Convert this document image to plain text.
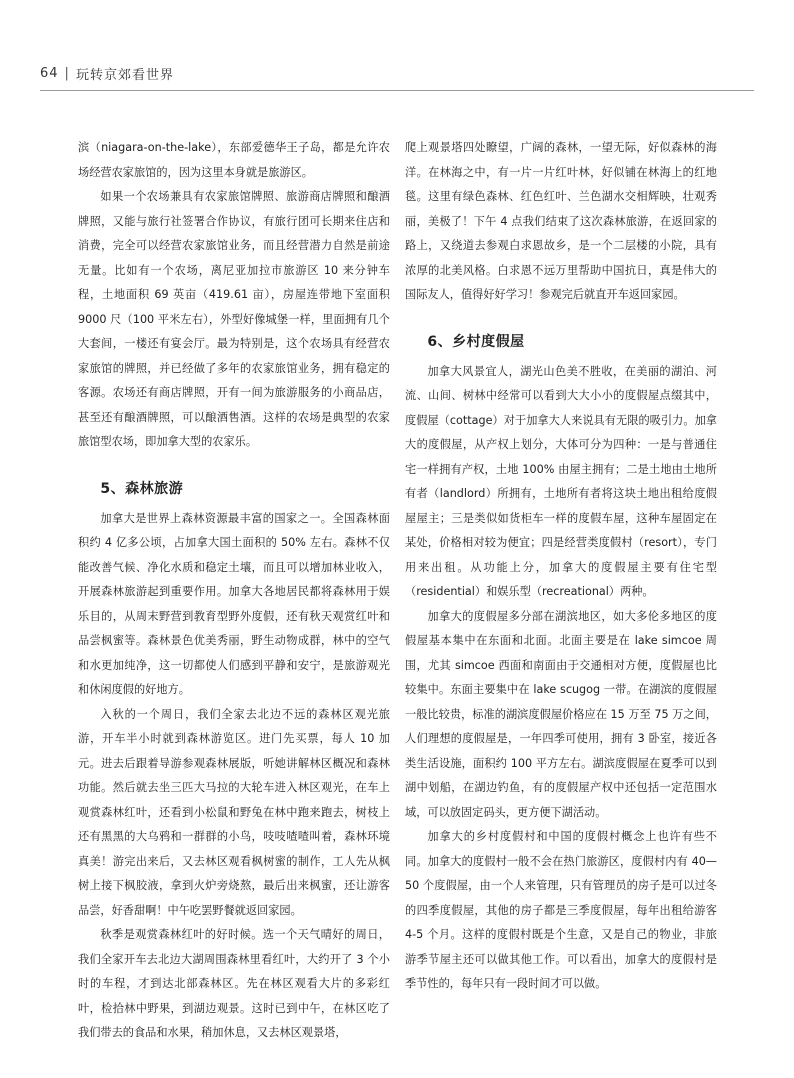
64 | 玩转京郊看世界

滨（niagara-on-the-lake），东部爱德华王子岛，都是允许农场经营农家旅馆的，因为这里本身就是旅游区。

如果一个农场兼具有农家旅馆牌照、旅游商店牌照和酿酒牌照，又能与旅行社签署合作协议，有旅行团可长期来住店和消费，完全可以经营农家旅馆业务，而且经营潜力自然是前途无量。比如有一个农场，离尼亚加拉市旅游区 10 来分钟车程，土地面积 69 英亩（419.61 亩），房屋连带地下室面积 9000 尺（100 平米左右），外型好像城堡一样，里面拥有几个大套间，一楼还有宴会厅。最为特别是，这个农场具有经营农家旅馆的牌照，并已经做了多年的农家旅馆业务，拥有稳定的客源。农场还有商店牌照，开有一间为旅游服务的小商品店，甚至还有酿酒牌照，可以酿酒售酒。这样的农场是典型的农家旅馆型农场，即加拿大型的农家乐。

5、森林旅游

加拿大是世界上森林资源最丰富的国家之一。全国森林面积约 4 亿多公顷，占加拿大国土面积的 50% 左右。森林不仅能改善气候、净化水质和稳定土壤，而且可以增加林业收入，开展森林旅游起到重要作用。加拿大各地居民都将森林用于娱乐目的，从周末野营到教育型野外度假，还有秋天观赏红叶和品尝枫蜜等。森林景色优美秀丽，野生动物成群，林中的空气和水更加纯净，这一切都使人们感到平静和安宁，是旅游观光和休闲度假的好地方。

入秋的一个周日，我们全家去北边不远的森林区观光旅游，开车半小时就到森林游览区。进门先买票，每人 10 加元。进去后跟着导游参观森林展版，听她讲解林区概况和森林功能。然后就去坐三匹大马拉的大轮车进入林区观光，在车上观赏森林红叶，还看到小松鼠和野兔在林中跑来跑去，树枝上还有黑黑的大乌鸦和一群群的小鸟，吱吱喳喳叫着，森林环境真美！游完出来后，又去林区观看枫树蜜的制作，工人先从枫树上接下枫胶液，拿到火炉旁烧熬，最后出来枫蜜，还让游客品尝，好香甜啊！中午吃罢野餐就返回家园。

秋季是观赏森林红叶的好时候。选一个天气晴好的周日，我们全家开车去北边大湖周围森林里看红叶，大约开了 3 个小时的车程，才到达北部森林区。先在林区观看大片的多彩红叶，检拾林中野果，到湖边观景。这时已到中午，在林区吃了我们带去的食品和水果，稍加休息，又去林区观景塔，

爬上观景塔四处瞭望，广阔的森林，一望无际，好似森林的海洋。在林海之中，有一片一片红叶林，好似铺在林海上的红地毯。这里有绿色森林、红色红叶、兰色湖水交相辉映，壮观秀丽，美极了！下午 4 点我们结束了这次森林旅游，在返回家的路上，又绕道去参观白求恩故乡，是一个二层楼的小院，具有浓厚的北美风格。白求恩不远万里帮助中国抗日，真是伟大的国际友人，值得好好学习！参观完后就直开车返回家园。

6、乡村度假屋

加拿大风景宜人，湖光山色美不胜收，在美丽的湖泊、河流、山间、树林中经常可以看到大大小小的度假屋点缀其中，度假屋（cottage）对于加拿大人来说具有无限的吸引力。加拿大的度假屋，从产权上划分，大体可分为四种：一是与普通住宅一样拥有产权，土地 100% 由屋主拥有；二是土地由土地所有者（landlord）所拥有，土地所有者将这块土地出租给度假屋屋主；三是类似如货柜车一样的度假车屋，这种车屋固定在某处，价格相对较为便宜；四是经营类度假村（resort），专门用来出租。从功能上分，加拿大的度假屋主要有住宅型（residential）和娱乐型（recreational）两种。

加拿大的度假屋多分部在湖滨地区，如大多伦多地区的度假屋基本集中在东面和北面。北面主要是在 lake simcoe 周围，尤其 simcoe 西面和南面由于交通相对方便，度假屋也比较集中。东面主要集中在 lake scugog 一带。在湖滨的度假屋一般比较贵，标准的湖滨度假屋价格应在 15 万至 75 万之间，人们理想的度假屋是，一年四季可使用，拥有 3 卧室，接近各类生活设施，面积约 100 平方左右。湖滨度假屋在夏季可以到湖中划船，在湖边钓鱼，有的度假屋产权中还包括一定范围水域，可以放固定码头，更方便下湖活动。

加拿大的乡村度假村和中国的度假村概念上也许有些不同。加拿大的度假村一般不会在热门旅游区，度假村内有 40—50 个度假屋，由一个人来管理，只有管理员的房子是可以过冬的四季度假屋，其他的房子都是三季度假屋，每年出租给游客 4-5 个月。这样的度假村既是个生意，又是自己的物业，非旅游季节屋主还可以做其他工作。可以看出，加拿大的度假村是季节性的，每年只有一段时间才可以做。
